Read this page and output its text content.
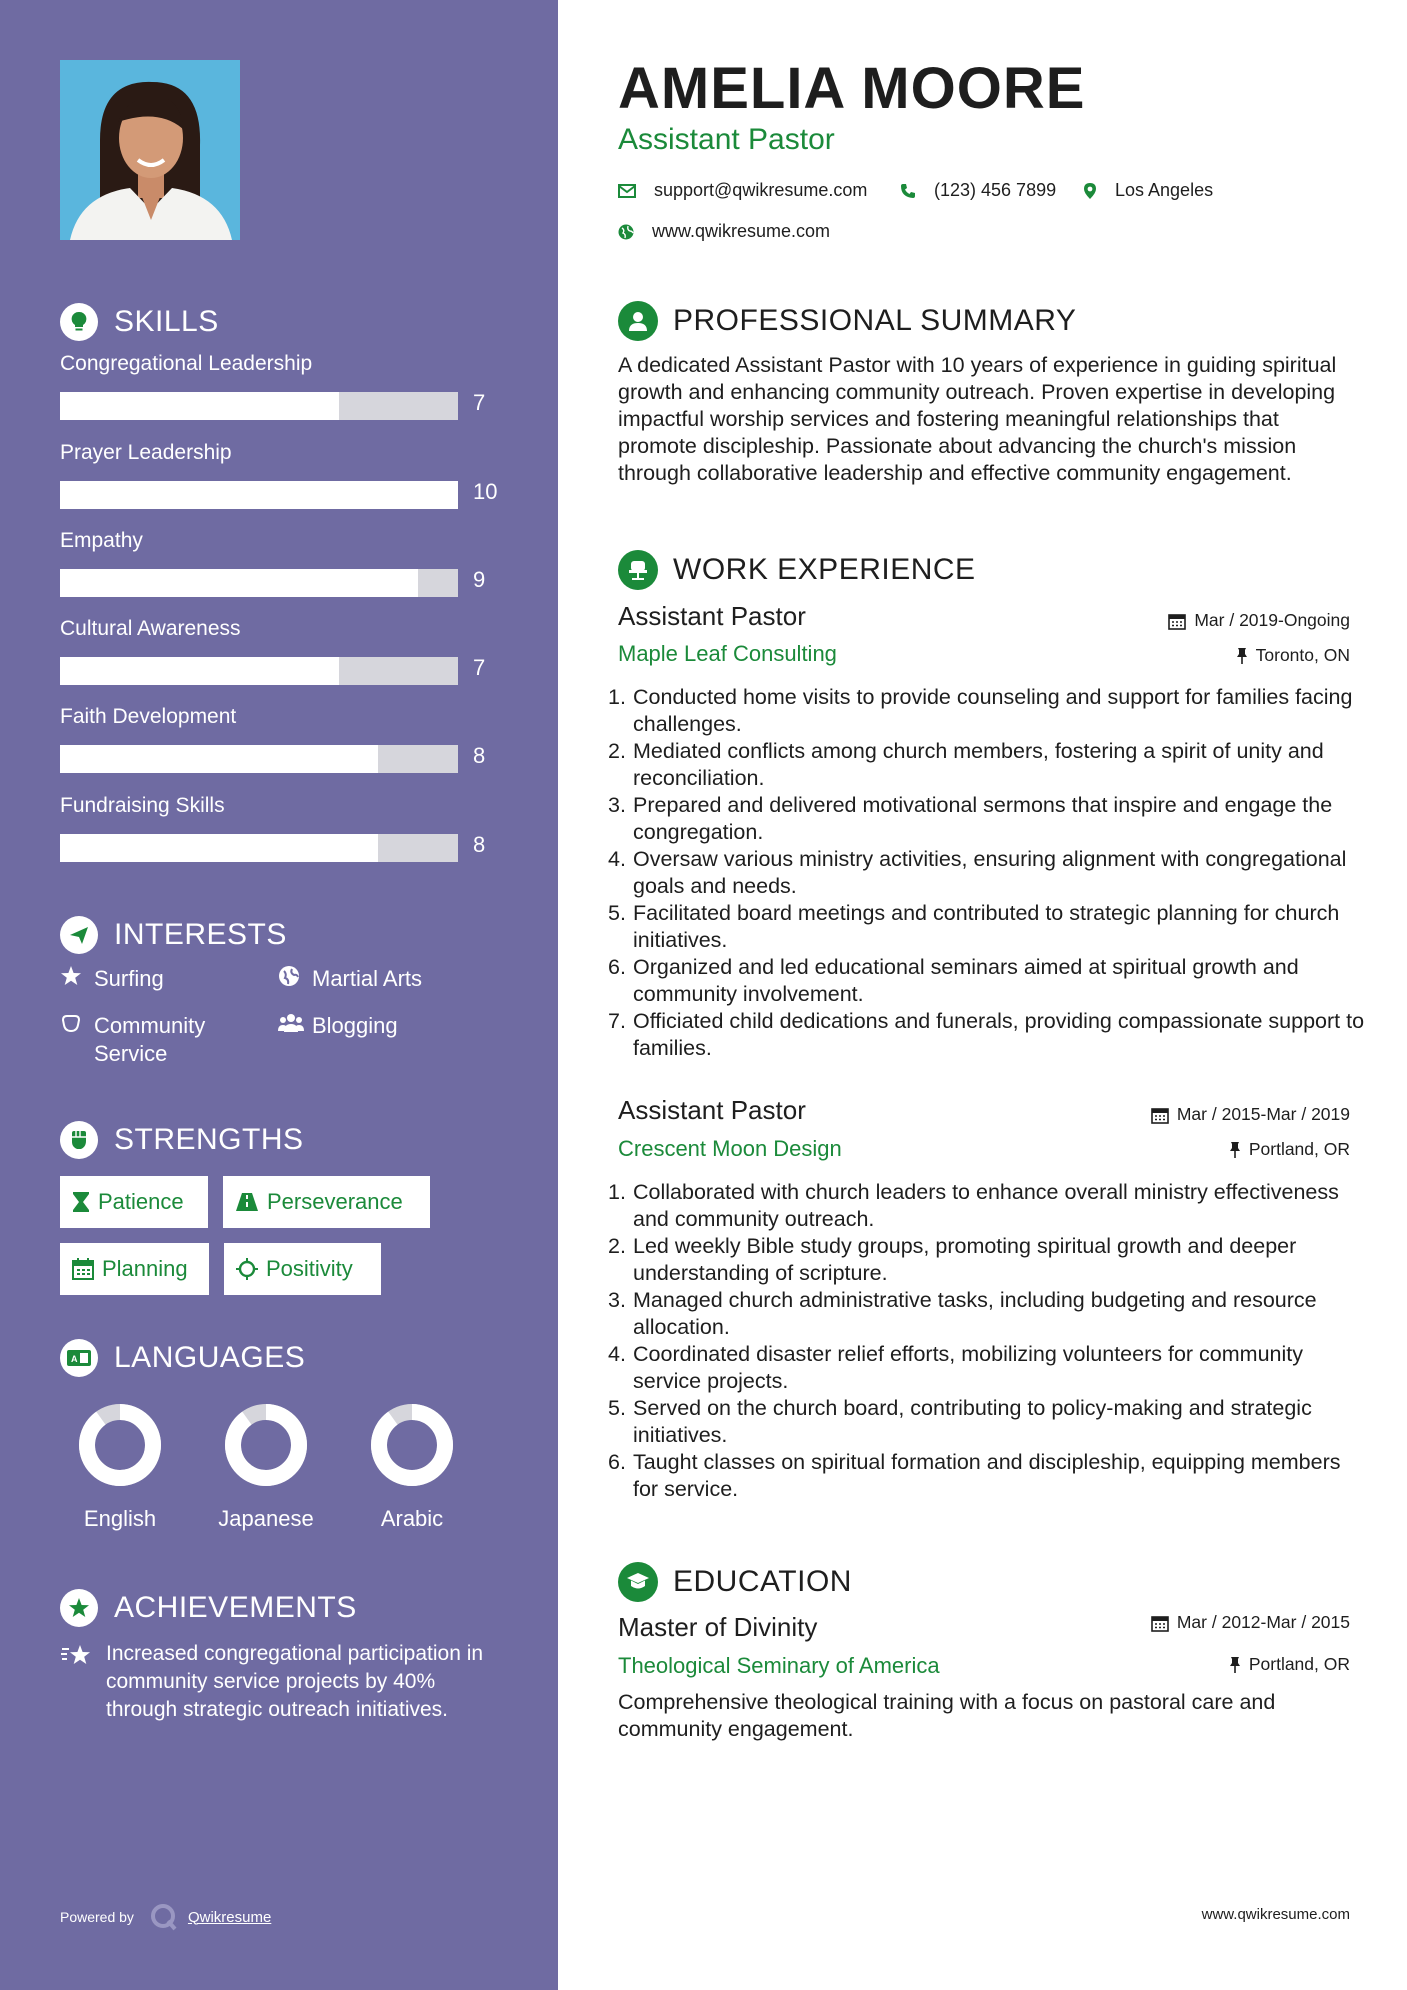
SKILLS
Congregational Leadership
7
Prayer Leadership
10
Empathy
9
Cultural Awareness
7
Faith Development
8
Fundraising Skills
8
INTERESTS
Surfing	Martial Arts
Community Service
Blogging
STRENGTHS
Patience	Perseverance
Planning	Positivity
A LANGUAGES
English	Japanese	Arabic
ACHIEVEMENTS
Increased congregational participation in community service projects by 40% through strategic outreach initiatives.
Powered by	Qwikresume
AMELIA MOORE
Assistant Pastor
support@qwikresume.com	(123) 456 7899	Los Angeles
www.qwikresume.com
PROFESSIONAL SUMMARY
A dedicated Assistant Pastor with 10 years of experience in guiding spiritual growth and enhancing community outreach. Proven expertise in developing impactful worship services and fostering meaningful relationships that promote discipleship. Passionate about advancing the church's mission through collaborative leadership and effective community engagement.
WORK EXPERIENCE
Assistant Pastor
Maple Leaf Consulting
Mar / 2019-Ongoing
Toronto, ON
1. Conducted home visits to provide counseling and support for families facing challenges.
2. Mediated conflicts among church members, fostering a spirit of unity and reconciliation.
3. Prepared and delivered motivational sermons that inspire and engage the congregation.
4. Oversaw various ministry activities, ensuring alignment with congregational goals and needs.
5. Facilitated board meetings and contributed to strategic planning for church initiatives.
6. Organized and led educational seminars aimed at spiritual growth and community involvement.
7. Officiated child dedications and funerals, providing compassionate support to families.
Assistant Pastor
Crescent Moon Design
Mar / 2015-Mar / 2019
Portland, OR
1. Collaborated with church leaders to enhance overall ministry effectiveness and community outreach.
2. Led weekly Bible study groups, promoting spiritual growth and deeper understanding of scripture.
3. Managed church administrative tasks, including budgeting and resource allocation.
4. Coordinated disaster relief efforts, mobilizing volunteers for community service projects.
5. Served on the church board, contributing to policy-making and strategic initiatives.
6. Taught classes on spiritual formation and discipleship, equipping members for service.
EDUCATION
Master of Divinity
Theological Seminary of America
Mar / 2012-Mar / 2015
Portland, OR
Comprehensive theological training with a focus on pastoral care and community engagement.
www.qwikresume.com
